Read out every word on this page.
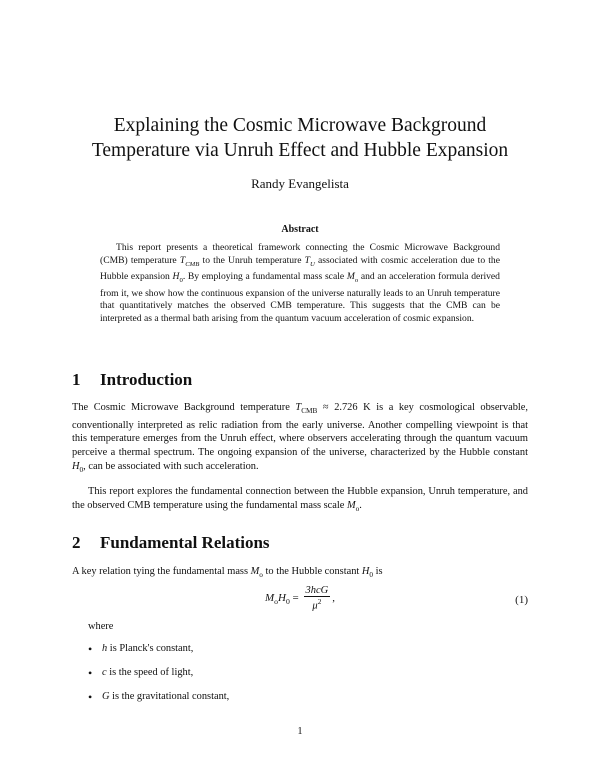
Explaining the Cosmic Microwave Background
Temperature via Unruh Effect and Hubble Expansion
Randy Evangelista
Abstract
This report presents a theoretical framework connecting the Cosmic Microwave Background (CMB) temperature $T_{CMB}$ to the Unruh temperature $T_U$ associated with cosmic acceleration due to the Hubble expansion $H_0$. By employing a fundamental mass scale $M_o$ and an acceleration formula derived from it, we show how the continuous expansion of the universe naturally leads to an Unruh temperature that quantitatively matches the observed CMB temperature. This suggests that the CMB can be interpreted as a thermal bath arising from the quantum vacuum acceleration of cosmic expansion.
1 Introduction
The Cosmic Microwave Background temperature $T_{CMB} \approx 2.726$ K is a key cosmological observable, conventionally interpreted as relic radiation from the early universe. Another compelling viewpoint is that this temperature emerges from the Unruh effect, where observers accelerating through the quantum vacuum perceive a thermal spectrum. The ongoing expansion of the universe, characterized by the Hubble constant $H_0$, can be associated with such acceleration.
This report explores the fundamental connection between the Hubble expansion, Unruh temperature, and the observed CMB temperature using the fundamental mass scale $M_o$.
2 Fundamental Relations
A key relation tying the fundamental mass $M_o$ to the Hubble constant $H_0$ is
$M_oH_0 = \frac{\text{3hcG}}{\mu^2}$ ,	(1)
where
• h is Planck's constant,
• c is the speed of light,
• G is the gravitational constant,
1
